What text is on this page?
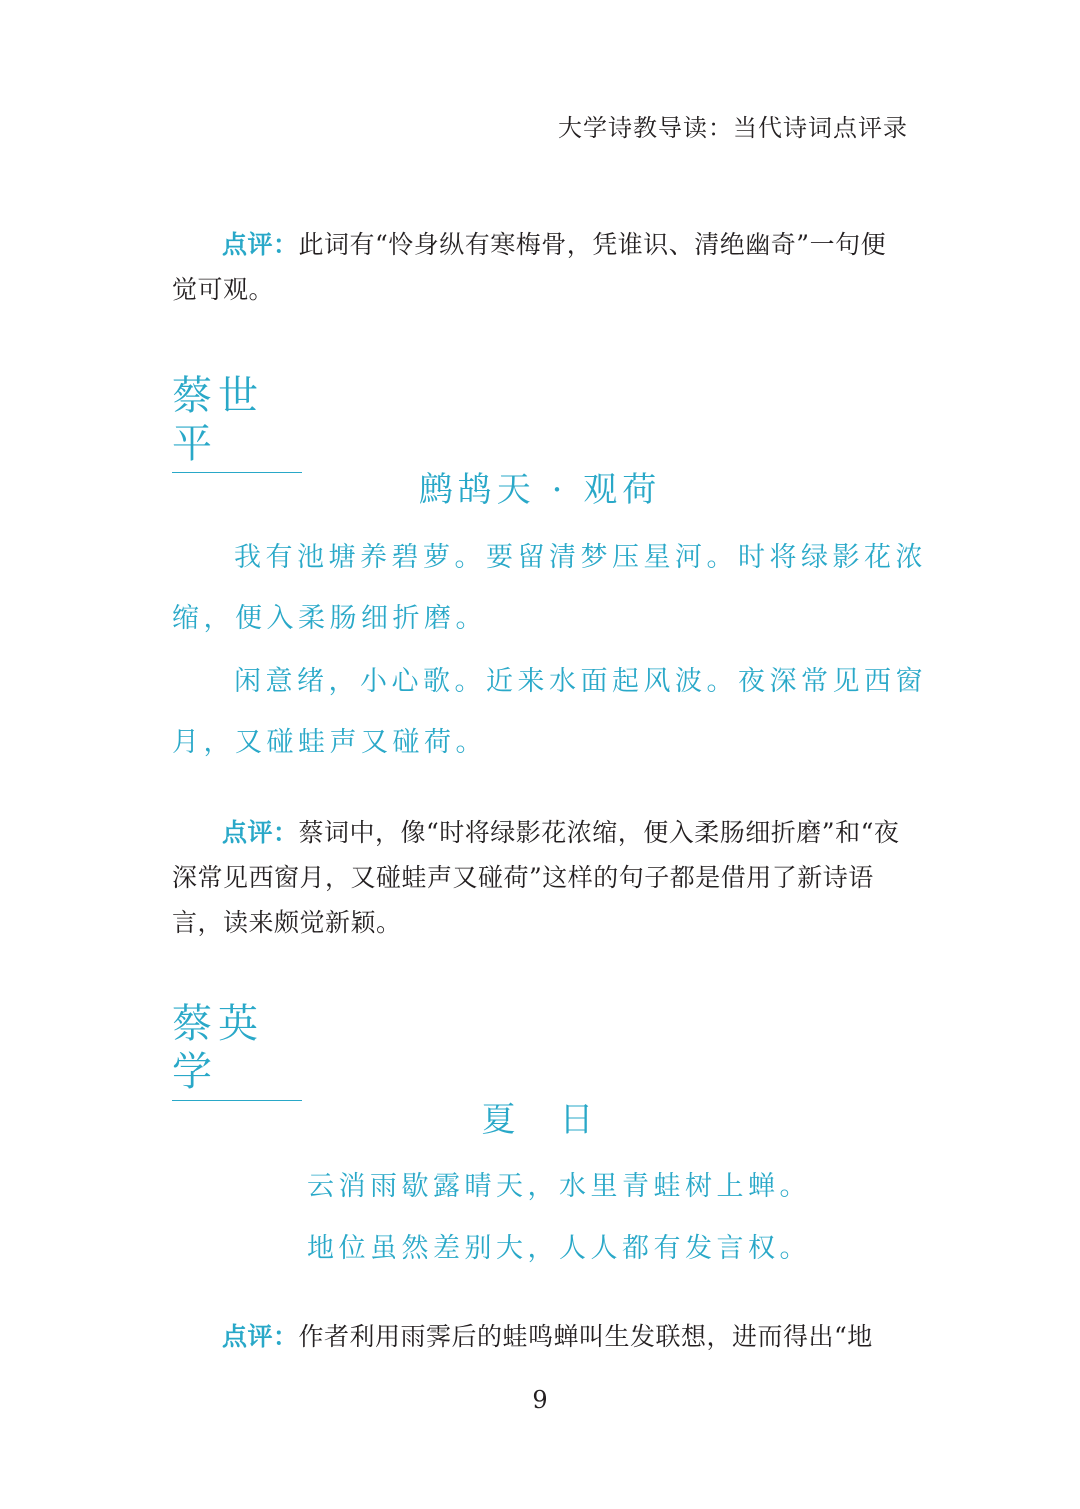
大学诗教导读：当代诗词点评录

点评：此词有“怜身纵有寒梅骨，凭谁识、清绝幽奇”一句便觉可观。

蔡世平
鹧鸪天 · 观荷
我有池塘养碧萝。要留清梦压星河。时将绿影花浓
缩，便入柔肠细折磨。
闲意绪，小心歌。近来水面起风波。夜深常见西窗
月，又碰蛙声又碰荷。

点评：蔡词中，像“时将绿影花浓缩，便入柔肠细折磨”和“夜深常见西窗月，又碰蛙声又碰荷”这样的句子都是借用了新诗语言，读来颇觉新颖。

蔡英学
夏　日
云消雨歇露晴天，水里青蛙树上蝉。
地位虽然差别大，人人都有发言权。

点评：作者利用雨霁后的蛙鸣蝉叫生发联想，进而得出“地

9
